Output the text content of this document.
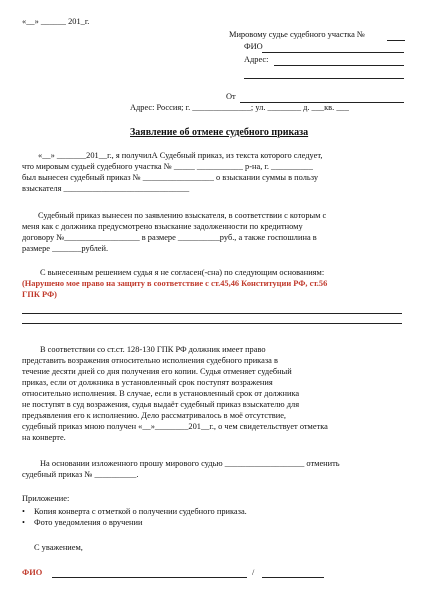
«__» ______ 201_г.
Мировому судье судебного участка №
ФИО
Адрес:
От
Адрес: Россия; г. ______________; ул. ________ д. ___кв. ___
Заявление об отмене судебного приказа
«__» _______201__г., я получилА Судебный приказ, из текста которого следует,
что мировым судьей судебного участка № _____ ___________ р-на, г. __________
был вынесен судебный приказ № _________________ о взыскании суммы в пользу
взыскателя ______________________________
Судебный приказ вынесен по заявлению взыскателя, в соответствии с которым с
меня как с должника предусмотрено взыскание задолженности по кредитному
договору №__________________ в размере __________руб., а также госпошлина в
размере _______рублей.
С вынесенным решением судья я не согласен(-сна) по следующим основаниям:
(Нарушено мое право на защиту в соответствие с ст.45,46 Конституции РФ, ст.56
ГПК РФ)
В соответствии со ст.ст. 128-130 ГПК РФ должник имеет право
представить возражения относительно исполнения судебного приказа в
течение десяти дней со дня получения его копии. Судья отменяет судебный
приказ, если от должника в установленный срок поступят возражения
относительно исполнения. В случае, если в установленный срок от должника
не поступят в суд возражения, судья выдаёт судебный приказ взыскателю для
предъявления его к исполнению. Дело рассматривалось в моё отсутствие,
судебный приказ мною получен «__»________201__г., о чем свидетельствует отметка
на конверте.
На основании изложенного прошу мирового судью ___________________ отменить
судебный приказ № __________.
Приложение:
• Копия конверта с отметкой о получении судебного приказа.
• Фото уведомления о вручении
С уважением,
ФИО	/
